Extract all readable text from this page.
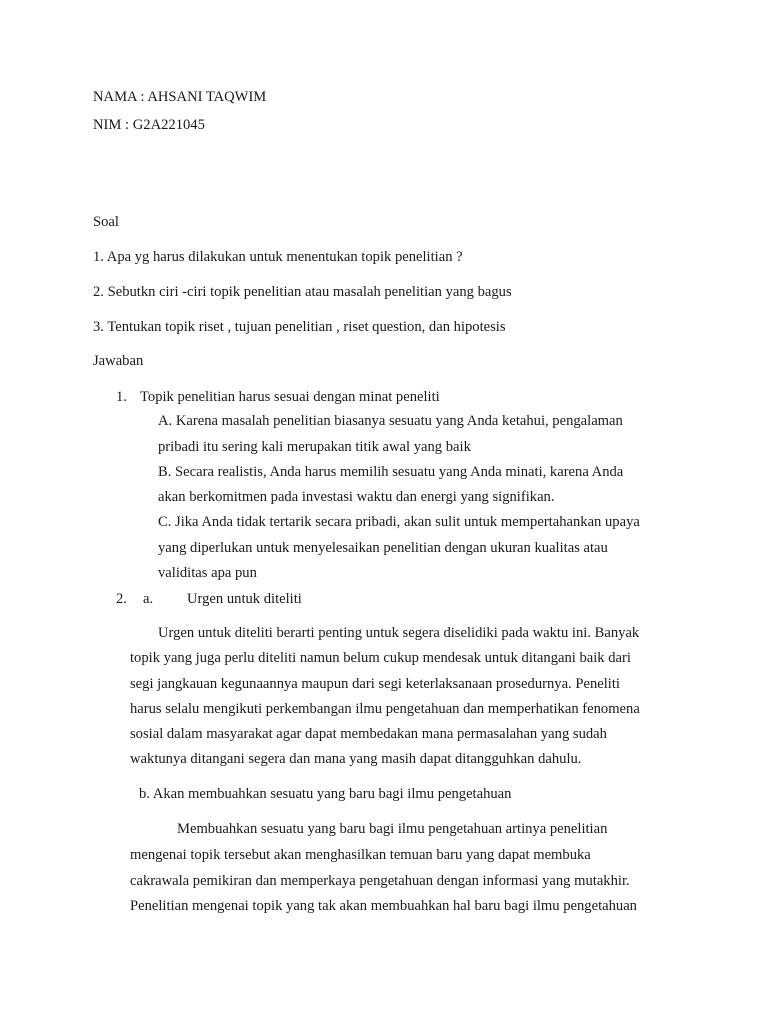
NAMA : AHSANI TAQWIM
NIM : G2A221045
Soal
1. Apa yg harus dilakukan untuk menentukan topik penelitian ?
2. Sebutkn ciri -ciri topik penelitian atau masalah penelitian yang bagus
3. Tentukan topik riset , tujuan penelitian , riset question, dan hipotesis
Jawaban
1. Topik penelitian harus sesuai dengan minat peneliti
A. Karena masalah penelitian biasanya sesuatu yang Anda ketahui, pengalaman
pribadi itu sering kali merupakan titik awal yang baik
B. Secara realistis, Anda harus memilih sesuatu yang Anda minati, karena Anda
akan berkomitmen pada investasi waktu dan energi yang signifikan.
C. Jika Anda tidak tertarik secara pribadi, akan sulit untuk mempertahankan upaya
yang diperlukan untuk menyelesaikan penelitian dengan ukuran kualitas atau
validitas apa pun
2. a. Urgen untuk diteliti
Urgen untuk diteliti berarti penting untuk segera diselidiki pada waktu ini. Banyak
topik yang juga perlu diteliti namun belum cukup mendesak untuk ditangani baik dari
segi jangkauan kegunaannya maupun dari segi keterlaksanaan prosedurnya. Peneliti
harus selalu mengikuti perkembangan ilmu pengetahuan dan memperhatikan fenomena
sosial dalam masyarakat agar dapat membedakan mana permasalahan yang sudah
waktunya ditangani segera dan mana yang masih dapat ditangguhkan dahulu.
b. Akan membuahkan sesuatu yang baru bagi ilmu pengetahuan
Membuahkan sesuatu yang baru bagi ilmu pengetahuan artinya penelitian
mengenai topik tersebut akan menghasilkan temuan baru yang dapat membuka
cakrawala pemikiran dan memperkaya pengetahuan dengan informasi yang mutakhir.
Penelitian mengenai topik yang tak akan membuahkan hal baru bagi ilmu pengetahuan
